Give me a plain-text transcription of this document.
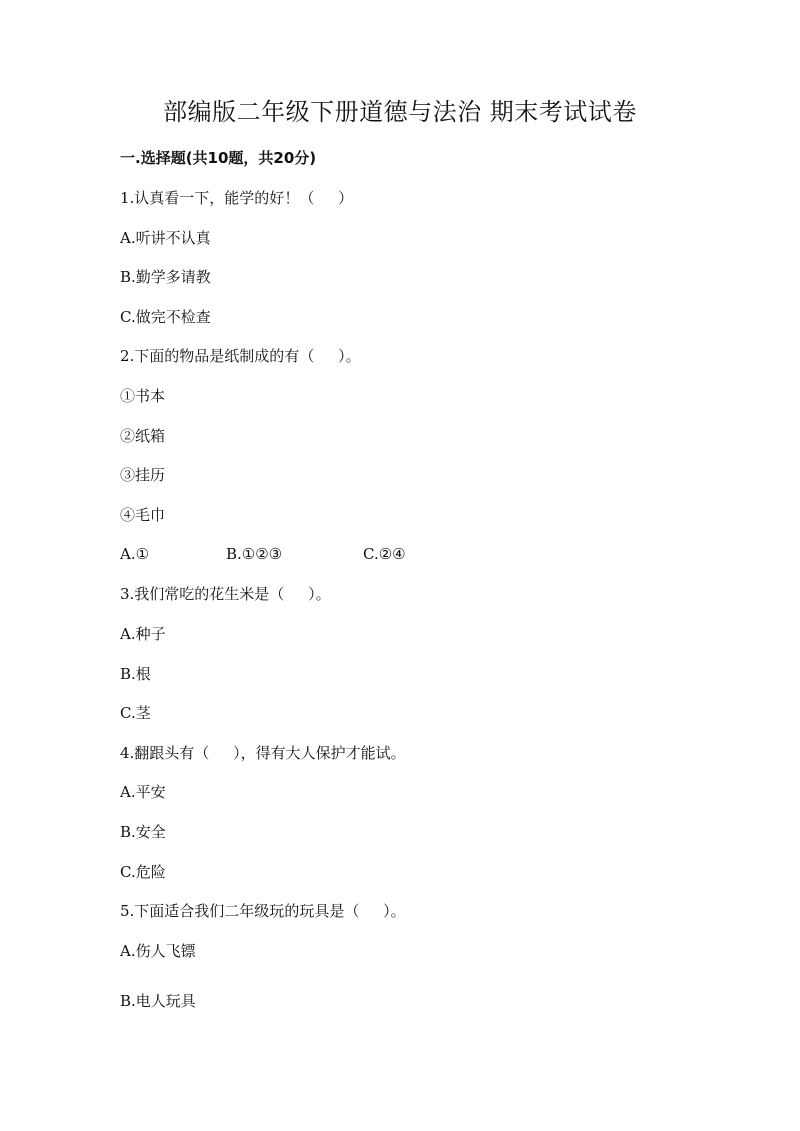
部编版二年级下册道德与法治 期末考试试卷
一.选择题(共10题，共20分)
1.认真看一下，能学的好！（     ）
A.听讲不认真
B.勤学多请教
C.做完不检查
2.下面的物品是纸制成的有（     ）。
①书本
②纸箱
③挂历
④毛巾
A.①	B.①②③	C.②④
3.我们常吃的花生米是（     ）。
A.种子
B.根
C.茎
4.翻跟头有（     ），得有大人保护才能试。
A.平安
B.安全
C.危险
5.下面适合我们二年级玩的玩具是（     ）。
A.伤人飞镖
B.电人玩具
